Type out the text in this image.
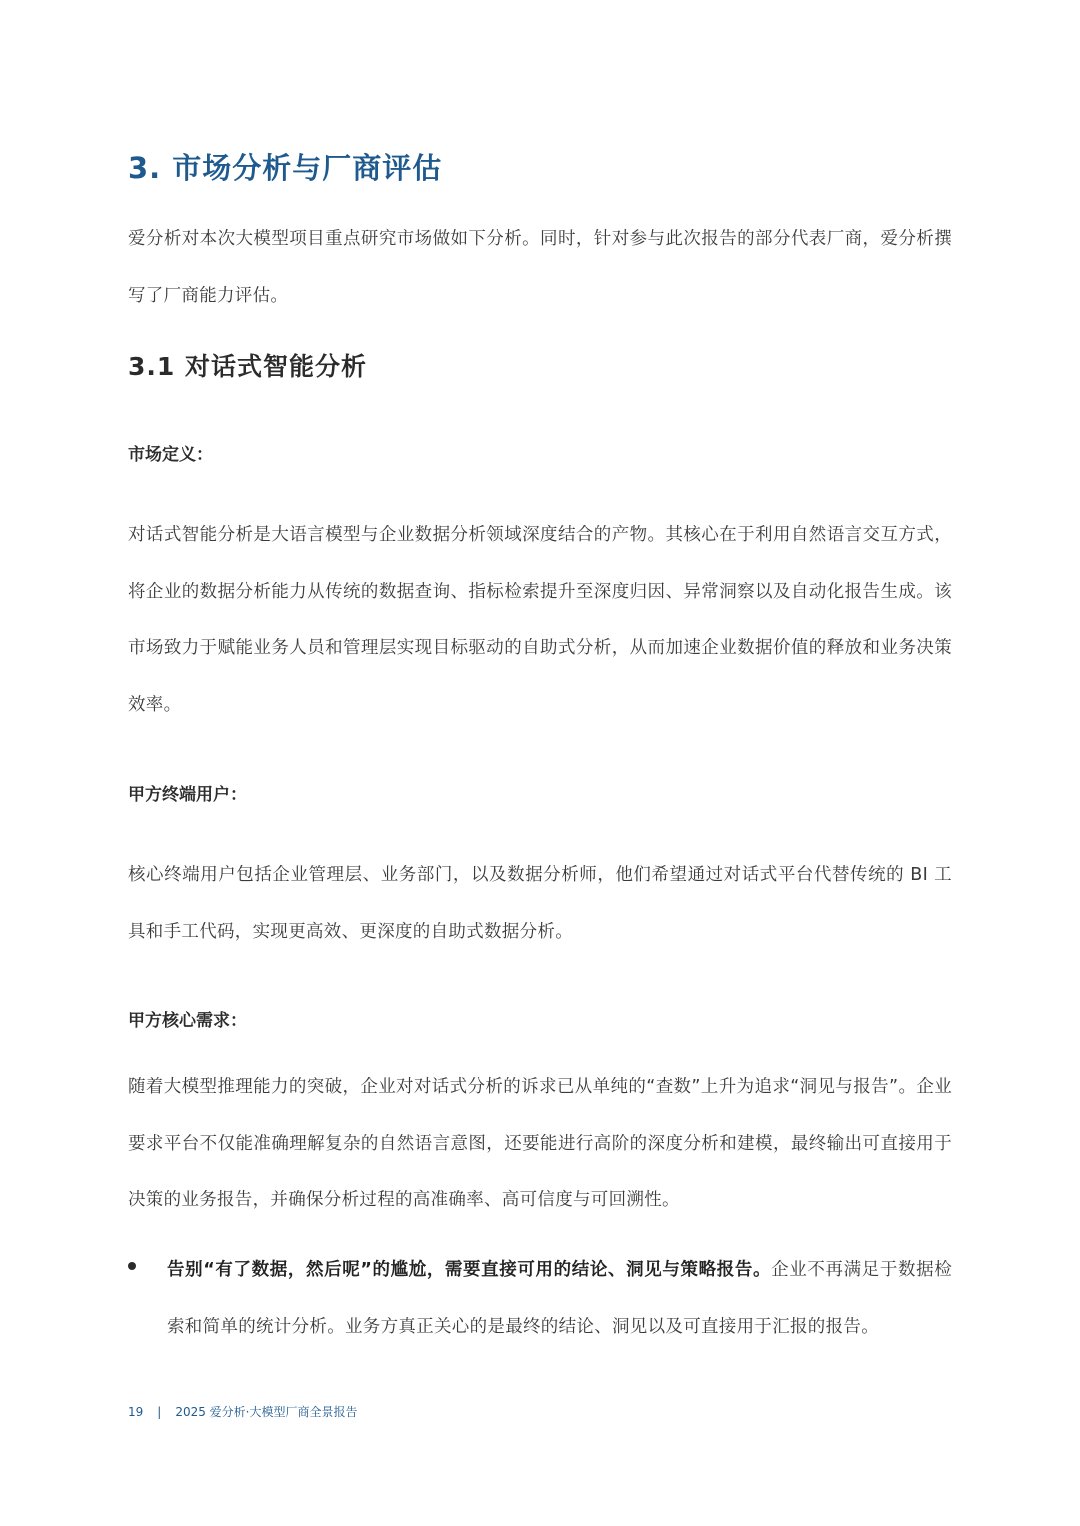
3. 市场分析与厂商评估
爱分析对本次大模型项目重点研究市场做如下分析。同时，针对参与此次报告的部分代表厂商，爱分析撰写了厂商能力评估。
3.1 对话式智能分析
市场定义：
对话式智能分析是大语言模型与企业数据分析领域深度结合的产物。其核心在于利用自然语言交互方式，将企业的数据分析能力从传统的数据查询、指标检索提升至深度归因、异常洞察以及自动化报告生成。该市场致力于赋能业务人员和管理层实现目标驱动的自助式分析，从而加速企业数据价值的释放和业务决策效率。
甲方终端用户：
核心终端用户包括企业管理层、业务部门，以及数据分析师，他们希望通过对话式平台代替传统的 BI 工具和手工代码，实现更高效、更深度的自助式数据分析。
甲方核心需求：
随着大模型推理能力的突破，企业对对话式分析的诉求已从单纯的“查数”上升为追求“洞见与报告”。企业要求平台不仅能准确理解复杂的自然语言意图，还要能进行高阶的深度分析和建模，最终输出可直接用于决策的业务报告，并确保分析过程的高准确率、高可信度与可回溯性。
告别“有了数据，然后呢”的尴尬，需要直接可用的结论、洞见与策略报告。企业不再满足于数据检索和简单的统计分析。业务方真正关心的是最终的结论、洞见以及可直接用于汇报的报告。
19 | 2025 爱分析·大模型厂商全景报告
